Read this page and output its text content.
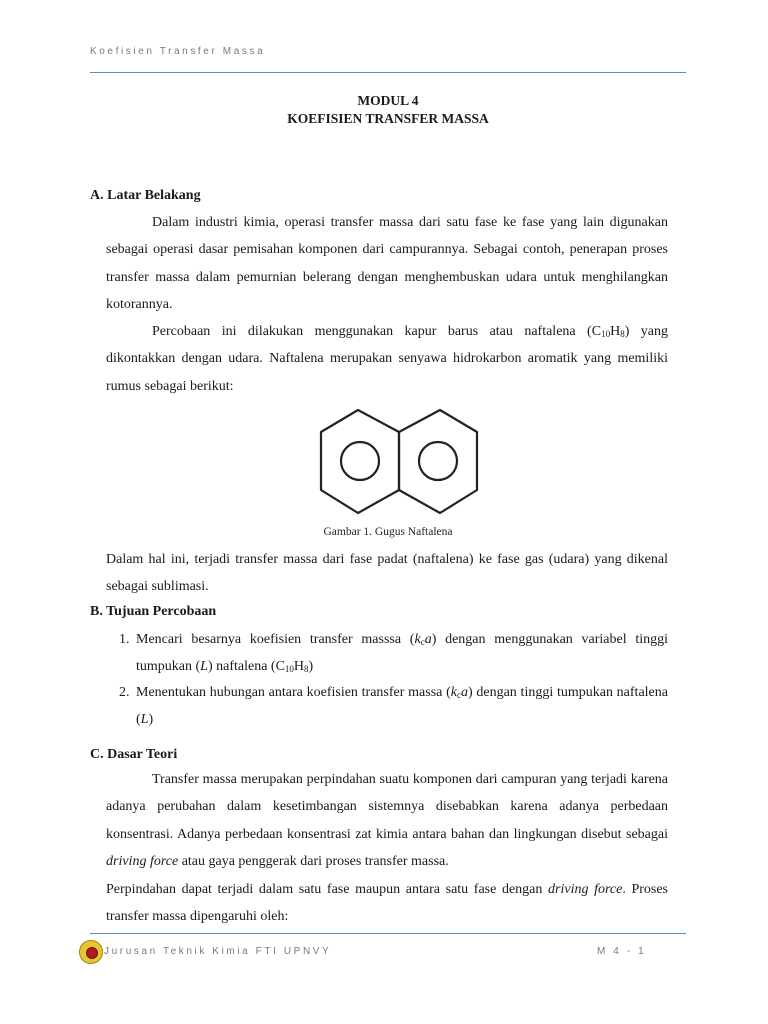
Koefisien Transfer Massa
MODUL 4
KOEFISIEN TRANSFER MASSA
A. Latar Belakang

Dalam industri kimia, operasi transfer massa dari satu fase ke fase yang lain digunakan sebagai operasi dasar pemisahan komponen dari campurannya. Sebagai contoh, penerapan proses transfer massa dalam pemurnian belerang dengan menghembuskan udara untuk menghilangkan kotorannya.

Percobaan ini dilakukan menggunakan kapur barus atau naftalena $(C_{10}H_8)$ yang dikontakkan dengan udara. Naftalena merupakan senyawa hidrokarbon aromatik yang memiliki rumus sebagai berikut:

Gambar 1. Gugus Naftalena

Dalam hal ini, terjadi transfer massa dari fase padat (naftalena) ke fase gas (udara) yang dikenal sebagai sublimasi.

B. Tujuan Percobaan
1. Mencari besarnya koefisien transfer masssa $(k_ca)$ dengan menggunakan variabel tinggi tumpukan (L) naftalena $(C_{10}H_8)$

2. Menentukan hubungan antara koefisien transfer massa $(k_ca)$ dengan tinggi tumpukan naftalena (L)

C. Dasar Teori

Transfer massa merupakan perpindahan suatu komponen dari campuran yang terjadi karena adanya perubahan dalam kesetimbangan sistemnya disebabkan karena adanya perbedaan konsentrasi. Adanya perbedaan konsentrasi zat kimia antara bahan dan lingkungan disebut sebagai driving force atau gaya penggerak dari proses transfer massa.

Perpindahan dapat terjadi dalam satu fase maupun antara satu fase dengan driving force. Proses transfer massa dipengaruhi oleh:

Jurusan Teknik Kimia FTI UPNVY	M 4 - 1
